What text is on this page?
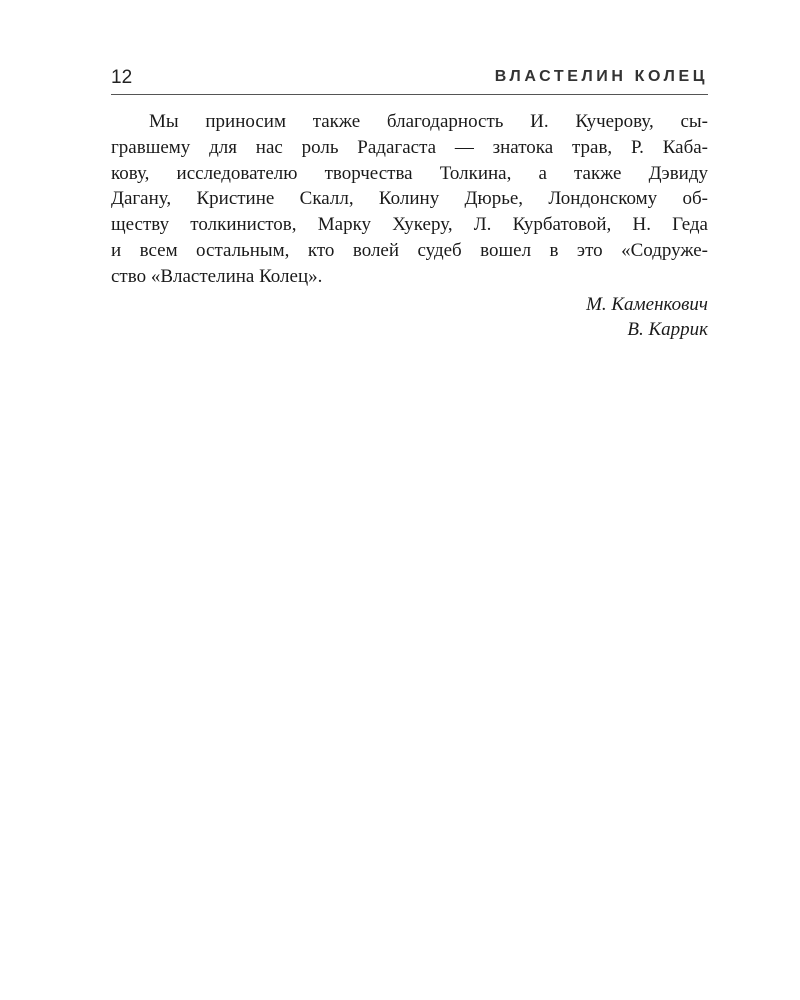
12	ВЛАСТЕЛИН КОЛЕЦ
Мы приносим также благодарность И. Кучерову, сы-
гравшему для нас роль Радагаста — знатока трав, Р. Каба-
кову, исследователю творчества Толкина, а также Дэвиду
Дагану, Кристине Скалл, Колину Дюрье, Лондонскому об-
ществу толкинистов, Марку Хукеру, Л. Курбатовой, Н. Геда
и всем остальным, кто волей судеб вошел в это «Содруже-
ство «Властелина Колец».
М. Каменкович
В. Каррик
